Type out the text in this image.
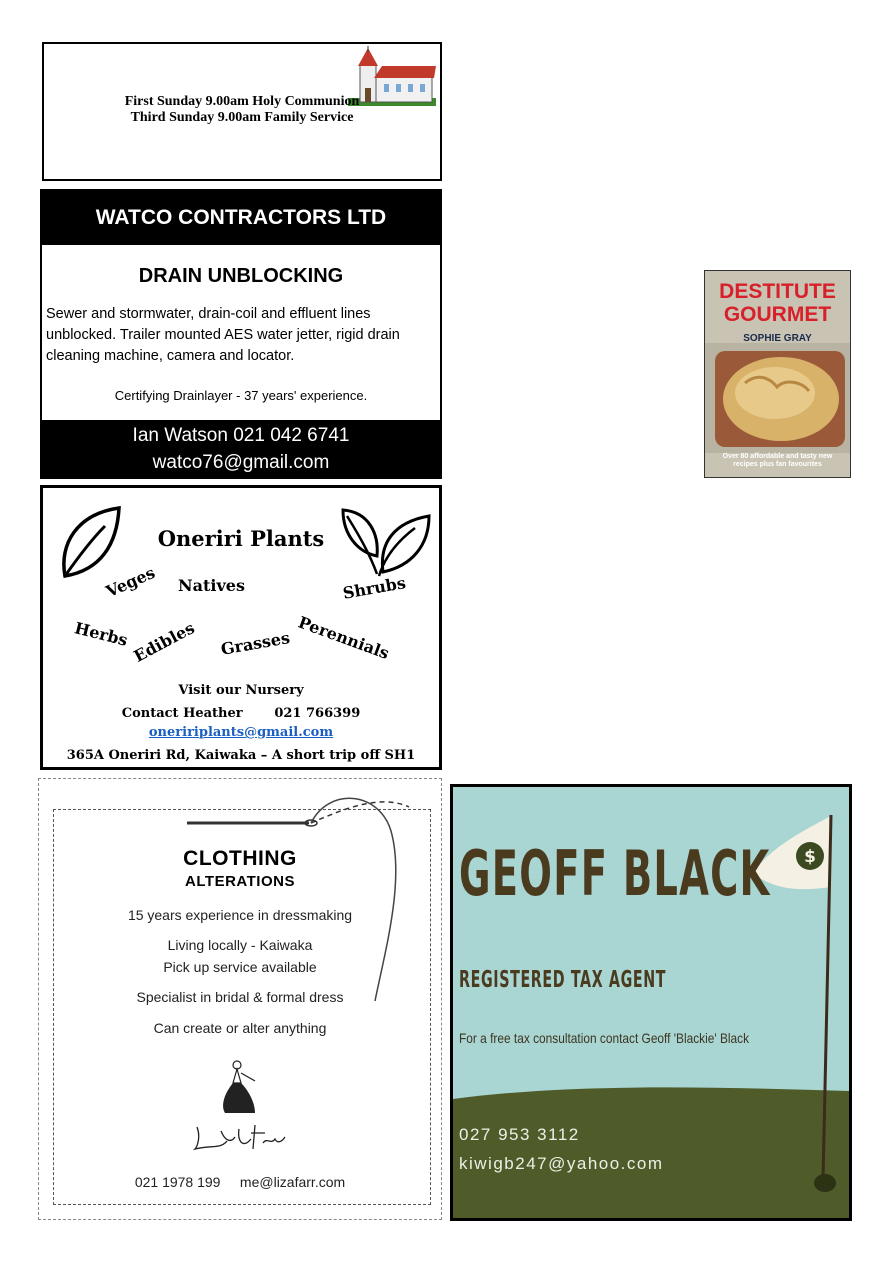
First Sunday 9.00am Holy Communion
Third Sunday 9.00am Family Service
WATCO CONTRACTORS LTD
DRAIN UNBLOCKING
Sewer and stormwater, drain-coil and effluent lines unblocked. Trailer mounted AES water jetter, rigid drain cleaning machine, camera and locator.
Certifying Drainlayer - 37 years' experience.
Ian Watson 021 042 6741
watco76@gmail.com
Oneriri Plants
Veges Natives	Shrubs
Herbs Edibles Grasses Perennials
Visit our Nursery
Contact Heather 021 766399
oneririplants@gmail.com
365A Oneriri Rd, Kaiwaka – A short trip off SH1
CLOTHING
ALTERATIONS
15 years experience in dressmaking
Living locally - Kaiwaka
Pick up service available
Specialist in bridal & formal dress
Can create or alter anything
021 1978 199 me@lizafarr.com
DESTITUTE
GOURMET
SOPHIE GRAY
Over 80 affordable and tasty new recipes plus fan favourites
$
GEOFF BLACK
REGISTERED TAX AGENT
For a free tax consultation contact Geoff 'Blackie' Black
027 953 3112
kiwigb247@yahoo.com
